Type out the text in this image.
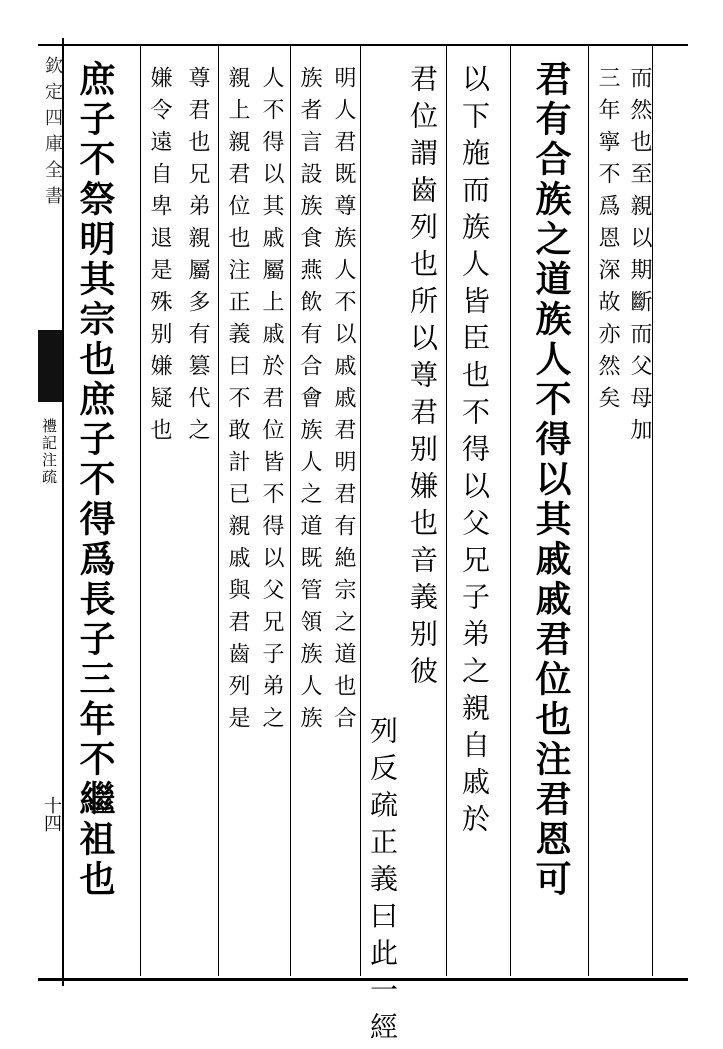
欽定四庫全書
禮記注疏
十四
而然也至親以期斷而父母加
三年寧不爲恩深故亦然矣
君有合族之道族人不得以其戚戚君位也注君恩可
以下施而族人皆臣也不得以父兄子弟之親自戚於
君位謂齒列也所以尊君别嫌也音義别彼
列反疏正義曰此一經
明人君既尊族人不以戚戚君明君有絶宗之道也合
族者言設族食燕飲有合會族人之道既管領族人族
人不得以其戚屬上戚於君位皆不得以父兄子弟之
親上親君位也注正義曰不敢計已親戚與君齒列是
尊君也兄弟親屬多有篡代之
嫌令遠自卑退是殊别嫌疑也
庶子不祭明其宗也庶子不得爲長子三年不繼祖也
